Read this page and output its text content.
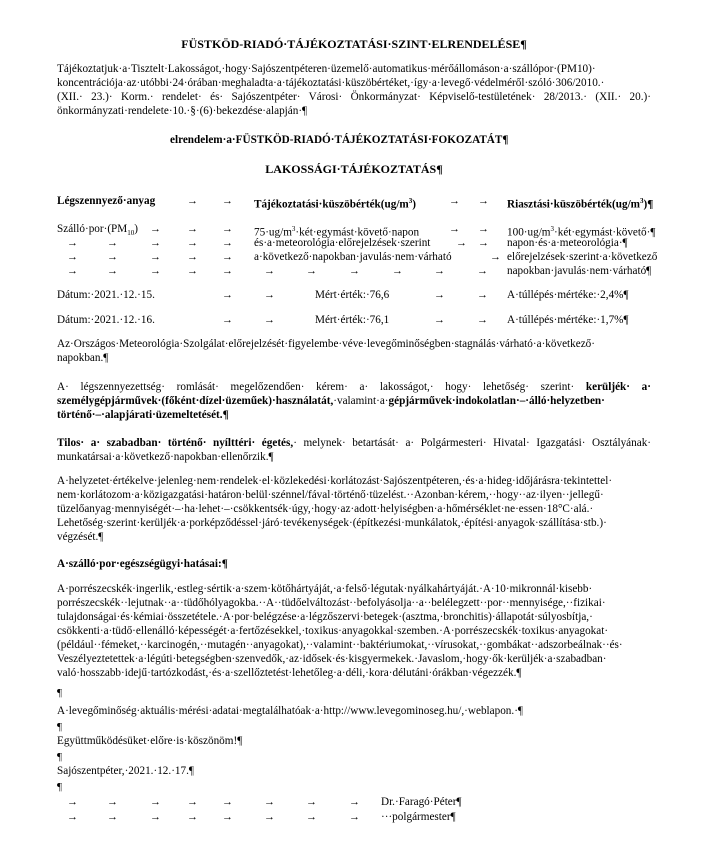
FÜSTKÖD-RIADÓ·TÁJÉKOZTATÁSI·SZINT·ELRENDELÉSE¶
Tájékoztatjuk·a·Tisztelt·Lakosságot,·hogy·Sajószentpéteren·üzemelő·automatikus·mérőállomáson·a·szállópor·(PM10)·
koncentrációja·az·utóbbi·24·órában·meghaladta·a·tájékoztatási·küszöbértéket,·így·a·levegő·védelméről·szóló·306/2010.·
(XII.· 23.)· Korm.· rendelet· és· Sajószentpéter· Városi· Önkormányzat· Képviselő-testületének· 28/2013.· (XII.· 20.)·
önkormányzati·rendelete·10.·§·(6)·bekezdése·alapján·¶
elrendelem·a·FÜSTKÖD-RIADÓ·TÁJÉKOZTATÁSI·FOKOZATÁT¶
LAKOSSÁGI·TÁJÉKOZTATÁS¶
Légszennyező·anyag	→ → $Tájékoztatási\cdot küszöbérték(ug/m^3)$	→ → $Riasztási\cdot küszöbérték(ug/m^3)\P$
$Szálló\cdot por\cdot(PM_{10})$ → → → $75\cdot ug/m^3\cdot két\cdot egymást\cdot követő\cdot napon$	→ → $100\cdot ug/m^3\cdot két\cdot egymást\cdot követő\cdot\P$
→	→	→ → → és·a·meteorológia·előrejelzések·szerint → → napon·és·a·meteorológia·¶
→	→	→ → → a·következő·napokban·javulás·nem·várható	→ előrejelzések·szerint·a·következő
→	→	→ → →	→	→	→	→	→	→ napokban·javulás·nem·várható¶
Dátum:·2021.·12.·15.	→	→	Mért·érték:·76,6	→	→ A·túllépés·mértéke:·2,4%¶
Dátum:·2021.·12.·16.	→	→	Mért·érték:·76,1	→	→ A·túllépés·mértéke:·1,7%¶
Az·Országos·Meteorológia·Szolgálat·előrejelzését·figyelembe·véve·levegőminőségben·stagnálás·várható·a·következő·
napokban.¶
A· légszennyezettség· romlását· megelőzendően· kérem· a· lakosságot,· hogy· lehetőség· szerint· kerüljék· a·
személygépjárművek·(főként·dízel·üzeműek)·használatát,·valamint·a·gépjárművek·indokolatlan·–·álló·helyzetben·
történő·–·alapjárati·üzemeltetését.¶
Tilos· a· szabadban· történő· nyílttéri· égetés,· melynek· betartását· a· Polgármesteri· Hivatal· Igazgatási· Osztályának·
munkatársai·a·következő·napokban·ellenőrzik.¶
A·helyzetet·értékelve·jelenleg·nem·rendelek·el·közlekedési·korlátozást·Sajószentpéteren,·és·a·hideg·időjárásra·tekintettel·
nem·korlátozom·a·közigazgatási·határon·belül·szénnel/fával·történő·tüzelést.··Azonban·kérem,··hogy··az·ilyen··jellegű·
tüzelőanyag·mennyiségét·–·ha·lehet·–·csökkentsék·úgy,·hogy·az·adott·helyiségben·a·hőmérséklet·ne·essen·18°C·alá.·
Lehetőség·szerint·kerüljék·a·porképződéssel·járó·tevékenységek·(építkezési·munkálatok,·építési·anyagok·szállítása·stb.)·
végzését.¶
A·szálló·por·egészségügyi·hatásai:¶
A·porrészecskék·ingerlik,·estleg·sértik·a·szem·kötőhártyáját,·a·felső·légutak·nyálkahártyáját.·A·10·mikronnál·kisebb·
porrészecskék··lejutnak··a··tüdőhólyagokba.··A··tüdőelváltozást··befolyásolja··a··belélegzett··por··mennyisége,··fizikai·
tulajdonságai·és·kémiai·összetétele.·A·por·belégzése·a·légzőszervi·betegek·(asztma,·bronchitis)·állapotát·súlyosbítja,·
csökkenti·a·tüdő·ellenálló·képességét·a·fertőzésekkel,·toxikus·anyagokkal·szemben.·A·porrészecskék·toxikus·anyagokat·
(például··fémeket,··karcinogén,··mutagén··anyagokat),··valamint··baktériumokat,··vírusokat,··gombákat··adszorbeálnak··és·
Veszélyeztetettek·a·légúti·betegségben·szenvedők,·az·idősek·és·kisgyermekek.·Javaslom,·hogy·ők·kerüljék·a·szabadban·
való·hosszabb·idejű·tartózkodást,·és·a·szellőztetést·lehetőleg·a·déli,·kora·délutáni·órákban·végezzék.¶
¶
A·levegőminőség·aktuális·mérési·adatai·megtalálhatóak·a·http://www.levegominoseg.hu/,·weblapon.·¶
¶
Együttműködésüket·előre·is·köszönöm!¶
¶
Sajószentpéter,·2021.·12.·17.¶
¶
→	→	→ → →	→	→	→ Dr.·Faragó·Péter¶
→	→	→ → →	→	→	→ ···polgármester¶
